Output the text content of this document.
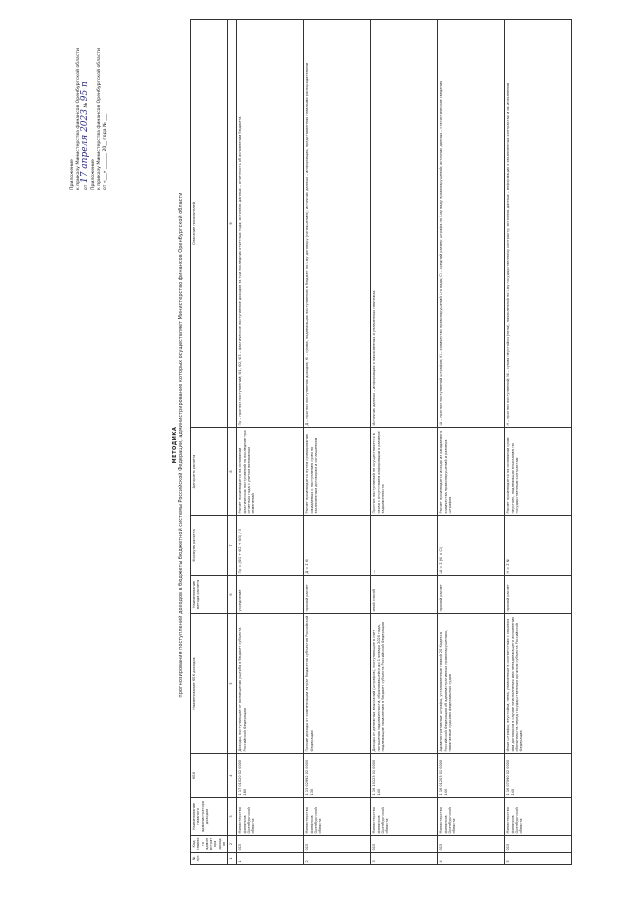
Приложение к приказу Министерства финансов Оренбургской области от 17 апреля 2023 № 95 п
Приложение к приказу Министерства финансов Оренбургской области от «___» _______ 20__ года № ___
МЕТОДИКА прогнозирования поступлений доходов в бюджеты бюджетной системы Российской Федерации, администрирование которых осуществляет Министерство финансов Оренбургской области
№ п/п	Код главного администратора доходов	Наименование главного администратора доходов	КБК	Наименование КБК доходов	Наименование метода расчета	Формула расчета	Алгоритм расчета	Описание показателей
1	2	3	4	5	6	7	8	9
1	015	Министерство финансов Оренбургской области	1 17 01020 02 0000 180	Доходы, поступающие от возмещения ущерба в бюджет субъекта Российской Федерации	усреднение	Пр = (Ф1 + Ф2 + Ф3) / 3	Расчет производится на основании фактических поступлений за последние три отчетных года с учетом возможных изменений	Пр – прогноз поступлений; Ф1, Ф2, Ф3 – фактическое поступление доходов за три последних отчетных года; источник данных – отчетность об исполнении бюджета
2	015	Министерство финансов Оренбургской области	1 13 02992 02 0000 130	Прочие доходы от компенсации затрат бюджетов субъектов Российской Федерации	прямой расчет	Д = Σ Кi	Расчет производится путем суммирования ожидаемых к поступлению сумм по заключенным договорам и соглашениям	Д – прогноз поступления доходов; Кi – сумма, подлежащая поступлению в бюджет по i-му договору (соглашению); источник данных – информация, представленная главными распорядителями
3	015	Министерство финансов Оренбургской области	1 16 10123 01 0000 140	Доходы от денежных взысканий (штрафов), поступающие в счет погашения задолженности, образовавшейся до 1 января 2020 года, подлежащие зачислению в бюджет субъекта Российской Федерации	иной способ	—	Прогноз поступлений не осуществляется в связи с отсутствием информации о размере задолженности	Источник данных – информация о начисленных и уплаченных платежах
4	015	Министерство финансов Оренбургской области	1 16 01203 01 0000 140	Административные штрафы, установленные главой 20 Кодекса Российской Федерации об административных правонарушениях, налагаемые судьями федеральных судов	прямой расчет	Ш = Σ (Ki × Ci)	Расчет производится исходя из ожидаемого количества правонарушений и размера штрафов	Ш – прогноз поступлений штрафов; Ki – количество правонарушений i-го вида; Ci – средний размер штрафа по i-му виду правонарушений; источник данных – статистические сведения
5	015	Министерство финансов Оренбургской области	1 16 07090 02 0000 140	Иные штрафы, неустойки, пени, уплаченные в соответствии с законом или договором в случае неисполнения или ненадлежащего исполнения обязательств перед государственным органом субъекта Российской Федерации	прямой расчет	Н = Σ Ni	Расчет производится на основании сумм неустоек, подлежащих взысканию по государственным контрактам	Н – прогноз поступлений; Ni – сумма неустойки (пени), начисленной по i-му государственному контракту; источник данных – информация о заключенных контрактах и их исполнении
